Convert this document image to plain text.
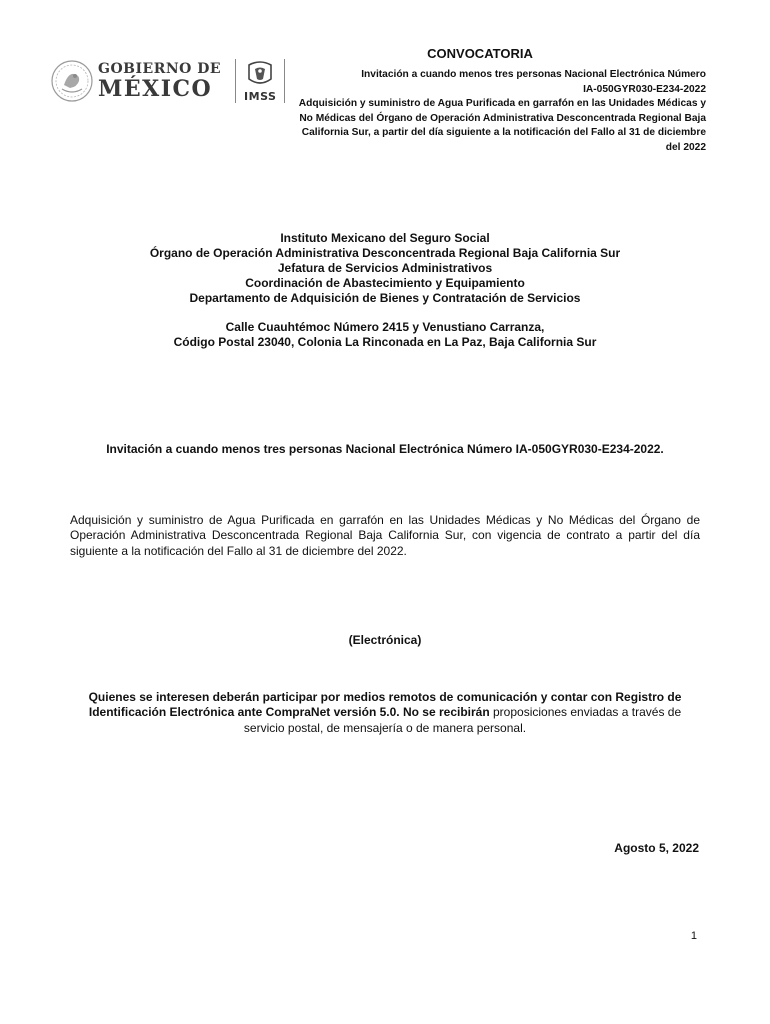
GOBIERNO DE
MÉXICO	IMSS
CONVOCATORIA

Invitación a cuando menos tres personas Nacional Electrónica Número

IA-050GYR030-E234-2022

Adquisición y suministro de Agua Purificada en garrafón en las Unidades Médicas y

No Médicas del Órgano de Operación Administrativa Desconcentrada Regional Baja

California Sur, a partir del día siguiente a la notificación del Fallo al 31 de diciembre

del 2022

Instituto Mexicano del Seguro Social

Órgano de Operación Administrativa Desconcentrada Regional Baja California Sur

Jefatura de Servicios Administrativos

Coordinación de Abastecimiento y Equipamiento

Departamento de Adquisición de Bienes y Contratación de Servicios

Calle Cuauhtémoc Número 2415 y Venustiano Carranza,

Código Postal 23040, Colonia La Rinconada en La Paz, Baja California Sur

Invitación a cuando menos tres personas Nacional Electrónica Número IA-050GYR030-E234-2022.

Adquisición y suministro de Agua Purificada en garrafón en las Unidades Médicas y No Médicas del Órgano de Operación Administrativa Desconcentrada Regional Baja California Sur, con vigencia de contrato a partir del día siguiente a la notificación del Fallo al 31 de diciembre del 2022.

(Electrónica)

Quienes se interesen deberán participar por medios remotos de comunicación y contar con Registro de Identificación Electrónica ante CompraNet versión 5.0. No se recibirán proposiciones enviadas a través de servicio postal, de mensajería o de manera personal.

Agosto 5, 2022
1
